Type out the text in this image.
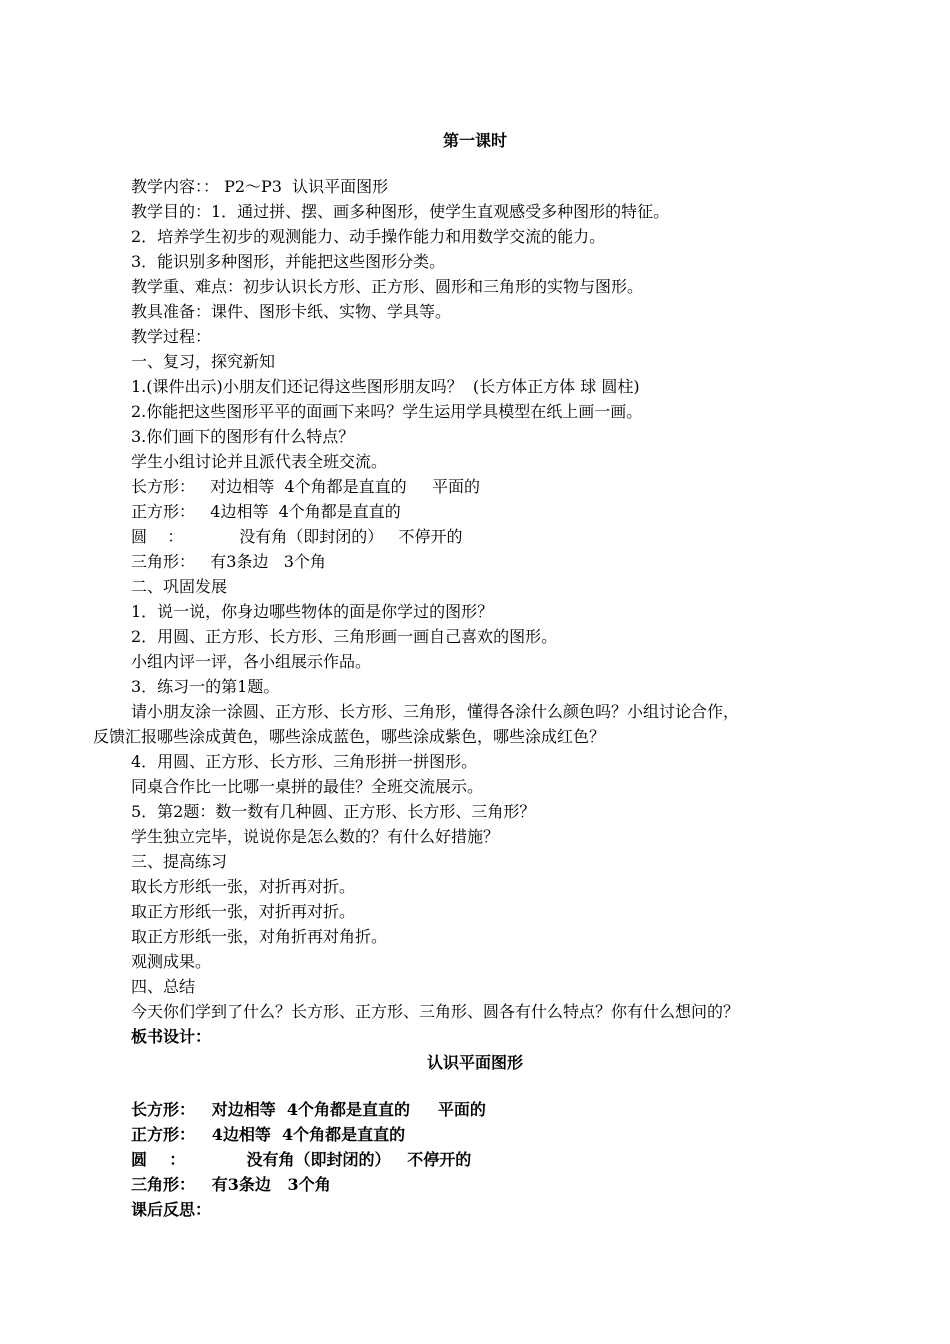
第一课时
教学内容：： P2～P3  认识平面图形
教学目的：1．通过拼、摆、画多种图形，使学生直观感受多种图形的特征。
2．培养学生初步的观测能力、动手操作能力和用数学交流的能力。
3．能识别多种图形，并能把这些图形分类。
教学重、难点：初步认识长方形、正方形、圆形和三角形的实物与图形。
教具准备：课件、图形卡纸、实物、学具等。
教学过程：
一、复习，探究新知
1.(课件出示)小朋友们还记得这些图形朋友吗？  (长方体正方体 球 圆柱)
2.你能把这些图形平平的面画下来吗？学生运用学具模型在纸上画一画。
3.你们画下的图形有什么特点？
学生小组讨论并且派代表全班交流。
长方形：   对边相等  4个角都是直直的     平面的
正方形：   4边相等  4个角都是直直的
圆    ：           没有角（即封闭的）   不停开的
三角形：   有3条边   3个角
二、巩固发展
1．说一说，你身边哪些物体的面是你学过的图形？
2．用圆、正方形、长方形、三角形画一画自己喜欢的图形。
小组内评一评，各小组展示作品。
3．练习一的第1题。
请小朋友涂一涂圆、正方形、长方形、三角形，懂得各涂什么颜色吗？小组讨论合作，
反馈汇报哪些涂成黄色，哪些涂成蓝色，哪些涂成紫色，哪些涂成红色？
4．用圆、正方形、长方形、三角形拼一拼图形。
同桌合作比一比哪一桌拼的最佳？全班交流展示。
5．第2题：数一数有几种圆、正方形、长方形、三角形？
学生独立完毕，说说你是怎么数的？有什么好措施？
三、提高练习
取长方形纸一张，对折再对折。
取正方形纸一张，对折再对折。
取正方形纸一张，对角折再对角折。
观测成果。
四、总结
今天你们学到了什么？长方形、正方形、三角形、圆各有什么特点？你有什么想问的？
板书设计：
认识平面图形
长方形：   对边相等  4个角都是直直的     平面的
正方形：   4边相等  4个角都是直直的
圆    ：           没有角（即封闭的）   不停开的
三角形：   有3条边   3个角
课后反思：
